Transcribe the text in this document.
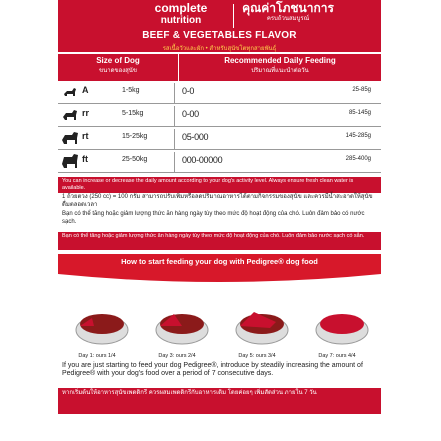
complete
nutrition
คุณค่าโภชนาการ
ครบถ้วนสมบูรณ์
BEEF & VEGETABLES FLAVOR
รสเนื้อวัวและผัก • สำหรับสุนัขโตทุกสายพันธุ์
Size of Dog
ขนาดของสุนัข
Recommended Daily Feeding
ปริมาณที่แนะนำต่อวัน
A	1-5kg	0-0	25-85g
rr	5-15kg	0-00	85-145g
rt	15-25kg	05-000	145-285g
ft	25-50kg	000-00000	285-400g
You can increase or decrease the daily amount according to your dog's activity level. Always ensure fresh clean water is available.
1 ถ้วยตวง (250 cc) = 100 กรัม สามารถปรับเพิ่มหรือลดปริมาณอาหารได้ตามกิจกรรมของสุนัข และควรมีน้ำสะอาดให้สุนัขดื่มตลอดเวลา
Bạn có thể tăng hoặc giảm lượng thức ăn hàng ngày tùy theo mức độ hoạt động của chó. Luôn đảm bảo có nước sạch.
Bạn có thể tăng hoặc giảm lượng thức ăn hàng ngày tùy theo mức độ hoạt động của chó. Luôn đảm bảo nước sạch có sẵn.
How to start feeding your dog with Pedigree® dog food
Day 1: ours 1/4	Day 3: ours 2/4	Day 5: ours 3/4	Day 7: ours 4/4
If you are just starting to feed your dog Pedigree®, introduce by steadily increasing the amount of Pedigree® with your dog's food over a period of 7 consecutive days.
หากเริ่มต้นให้อาหารสุนัขเพดดิกรี ควรผสมเพดดิกรีกับอาหารเดิม โดยค่อยๆ เพิ่มสัดส่วน ภายใน 7 วัน
